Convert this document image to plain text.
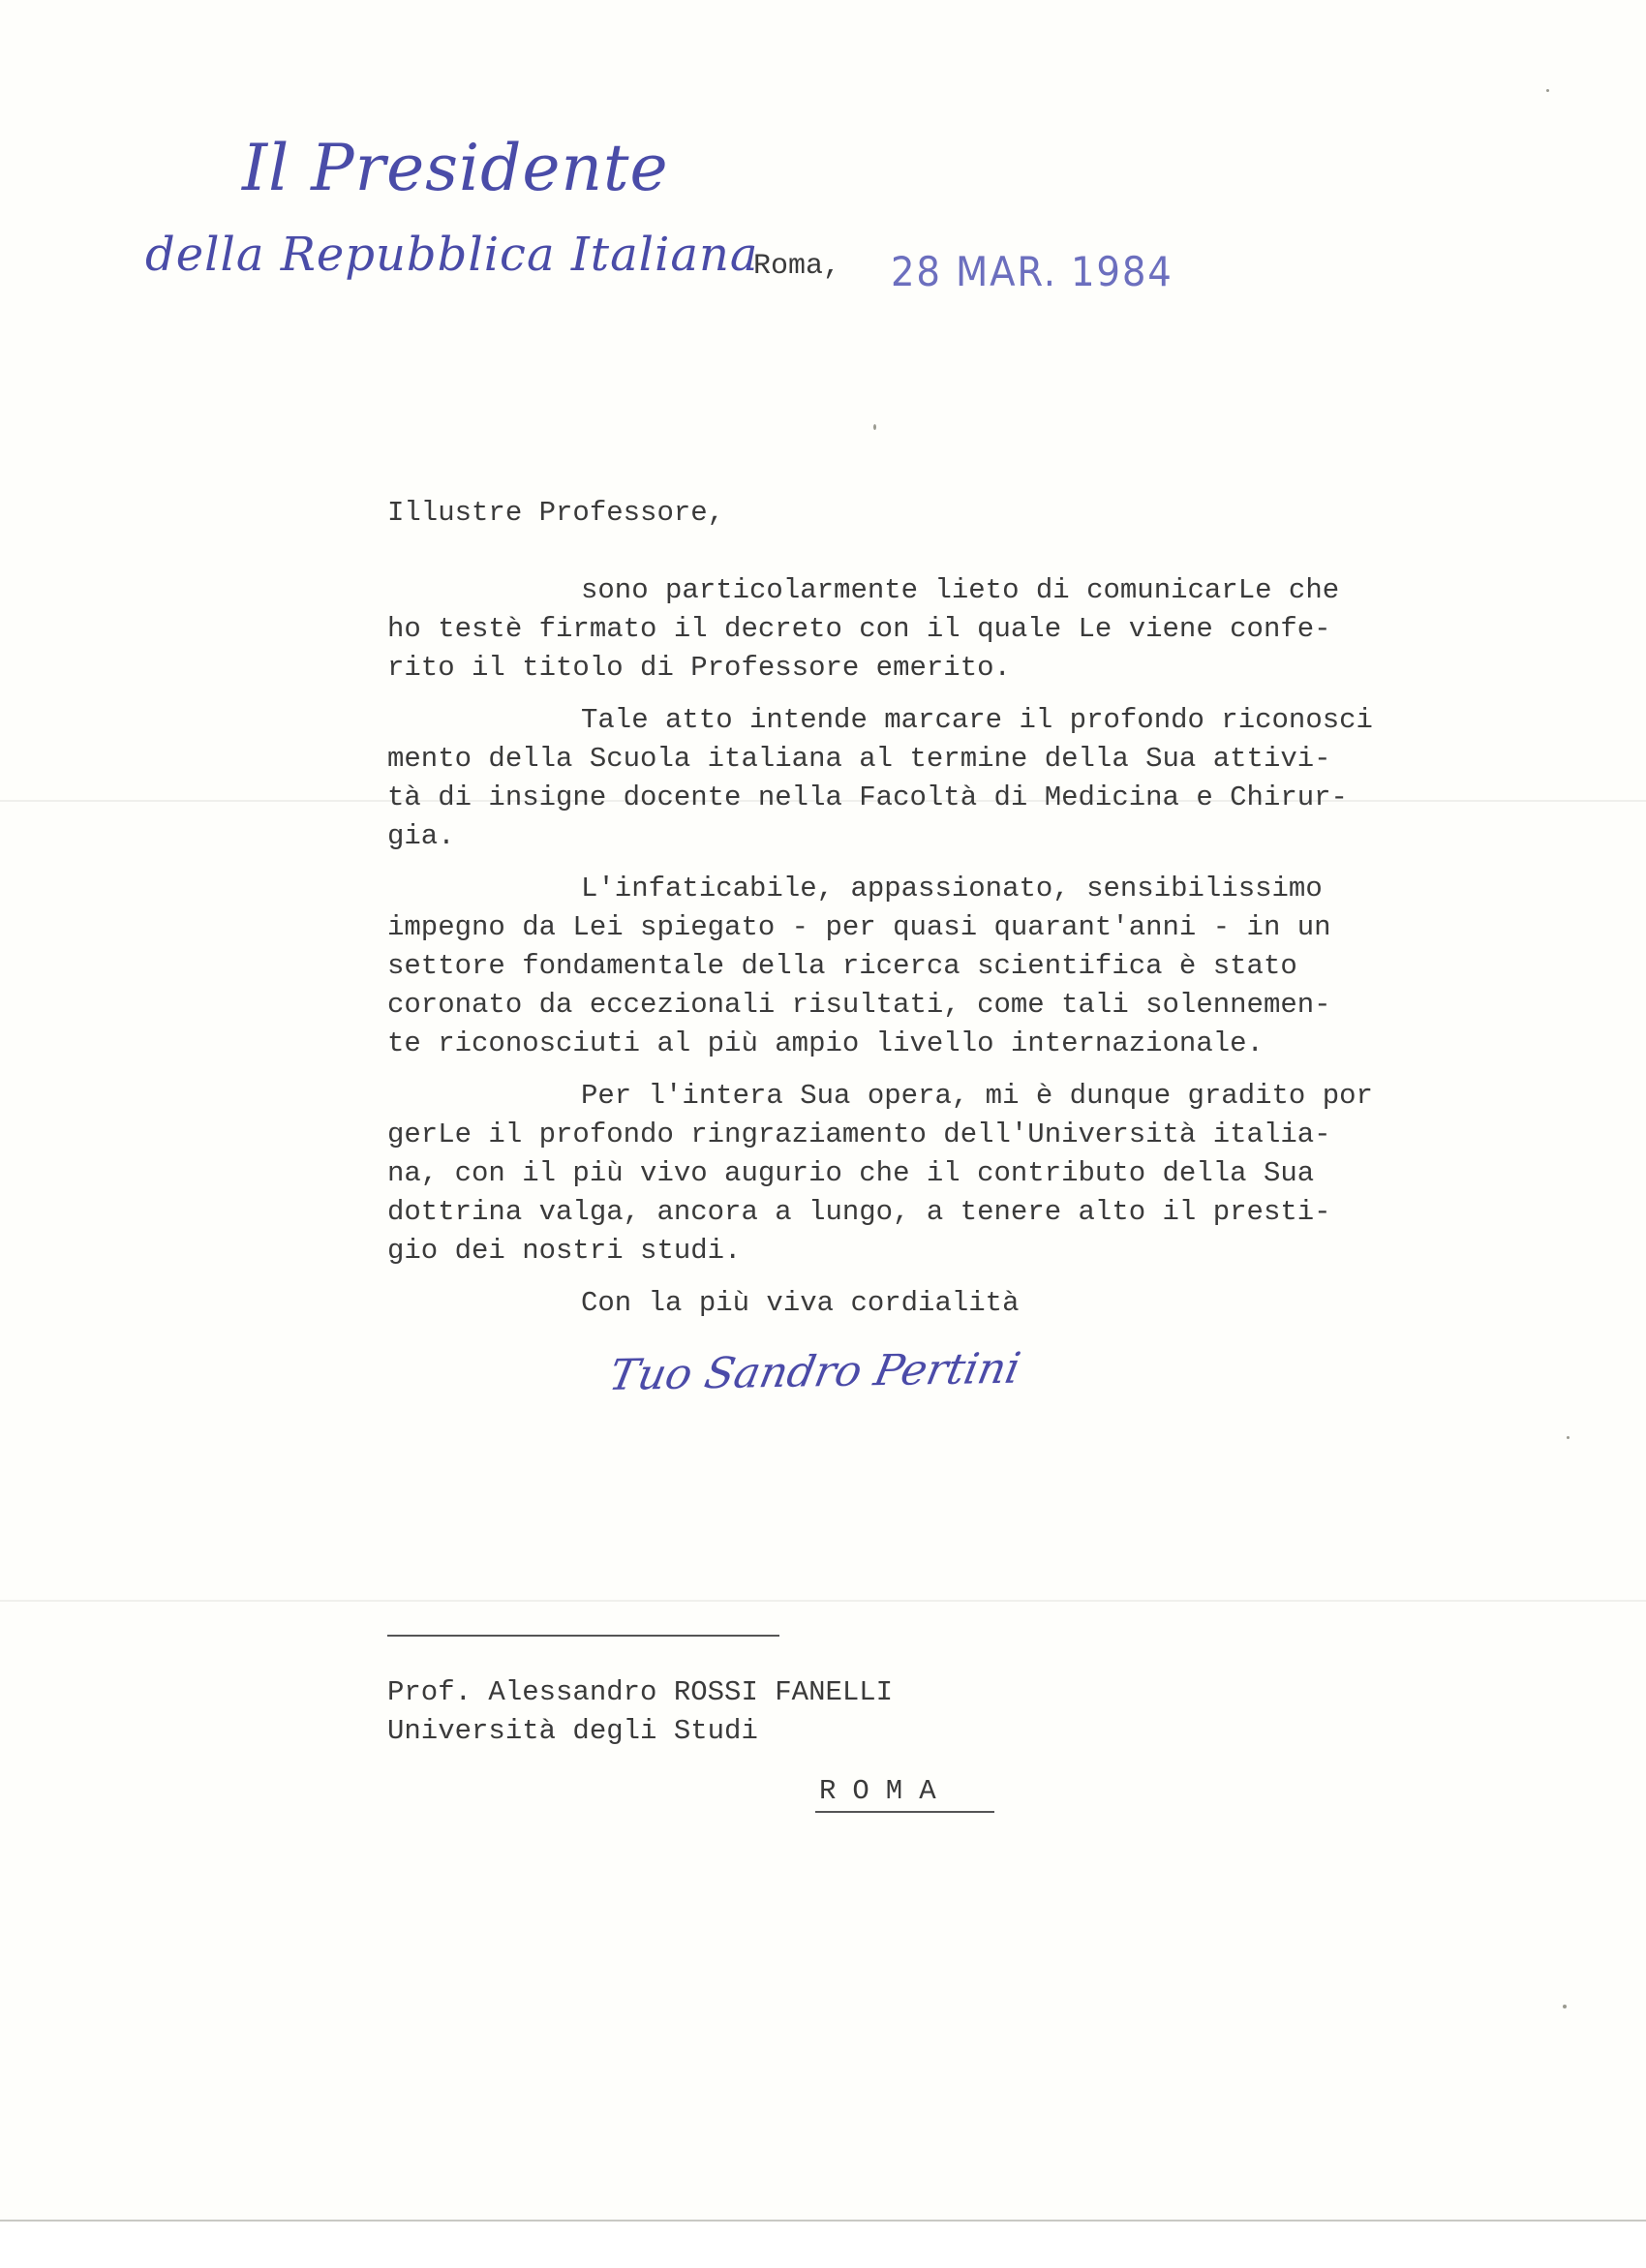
Il Presidente
della Repubblica Italiana
Roma, 28 MAR. 1984
Illustre Professore,
sono particolarmente lieto di comunicarLe che
ho testè firmato il decreto con il quale Le viene confe-
rito il titolo di Professore emerito.
Tale atto intende marcare il profondo riconosci
mento della Scuola italiana al termine della Sua attivi-
tà di insigne docente nella Facoltà di Medicina e Chirur-
gia.
L'infaticabile, appassionato, sensibilissimo
impegno da Lei spiegato - per quasi quarant'anni - in un
settore fondamentale della ricerca scientifica è stato
coronato da eccezionali risultati, come tali solennemen-
te riconosciuti al più ampio livello internazionale.
Per l'intera Sua opera, mi è dunque gradito por
gerLe il profondo ringraziamento dell'Università italia-
na, con il più vivo augurio che il contributo della Sua
dottrina valga, ancora a lungo, a tenere alto il presti-
gio dei nostri studi.
Con la più viva cordialità
Tuo Sandro Pertini
Prof. Alessandro ROSSI FANELLI
Università degli Studi
ROMA
